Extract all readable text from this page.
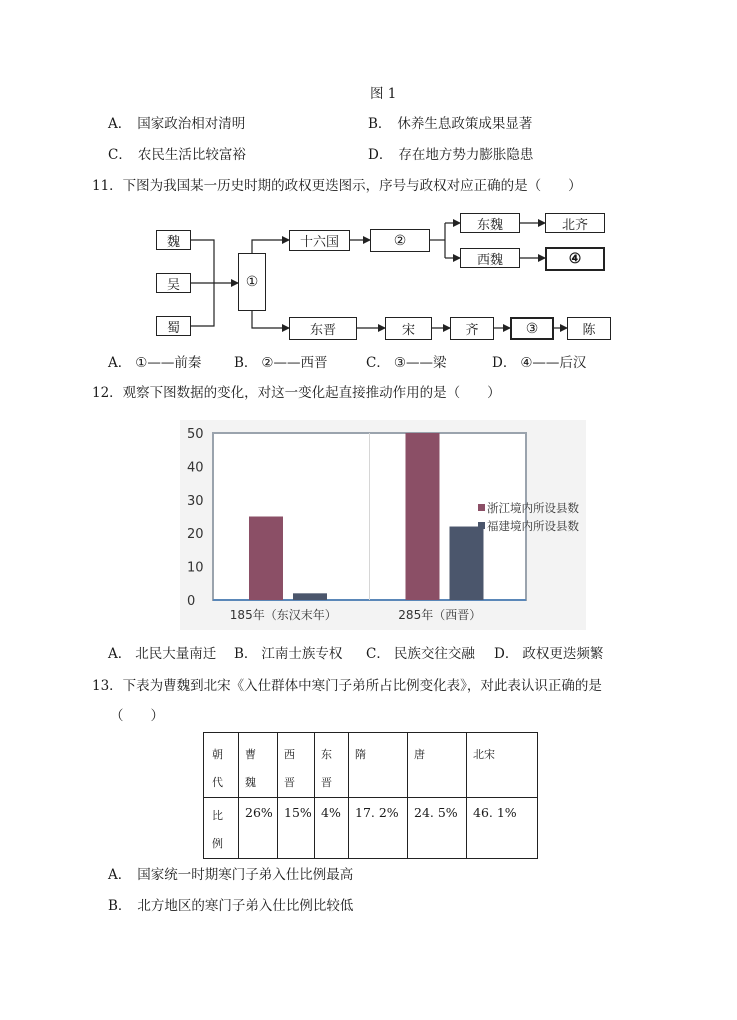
图 1
A． 国家政治相对清明	B． 休养生息政策成果显著
C． 农民生活比较富裕	D． 存在地方势力膨胀隐患
11．下图为我国某一历史时期的政权更迭图示，序号与政权对应正确的是（　　）
魏
吴
蜀
①
十六国	②
东魏	北齐
西魏	④
东晋	宋	齐	③	陈
A． ①——前秦 B． ②——西晋	C． ③——梁	D． ④——后汉
12．观察下图数据的变化，对这一变化起直接推动作用的是（　　）
0
10
20
30
40
50
185年（东汉末年）	285年（西晋）
浙江境内所设县数
福建境内所设县数
A． 北民大量南迁 B． 江南士族专权 C． 民族交往交融 D． 政权更迭频繁
13．下表为曹魏到北宋《入仕群体中寒门子弟所占比例变化表》，对此表认识正确的是
（　　）
朝
代	曹
魏	西
晋	东
晋	隋	唐	北宋

比
例	26%	15%	4%	17. 2%	24. 5%	46. 1%
A． 国家统一时期寒门子弟入仕比例最高
B． 北方地区的寒门子弟入仕比例比较低
